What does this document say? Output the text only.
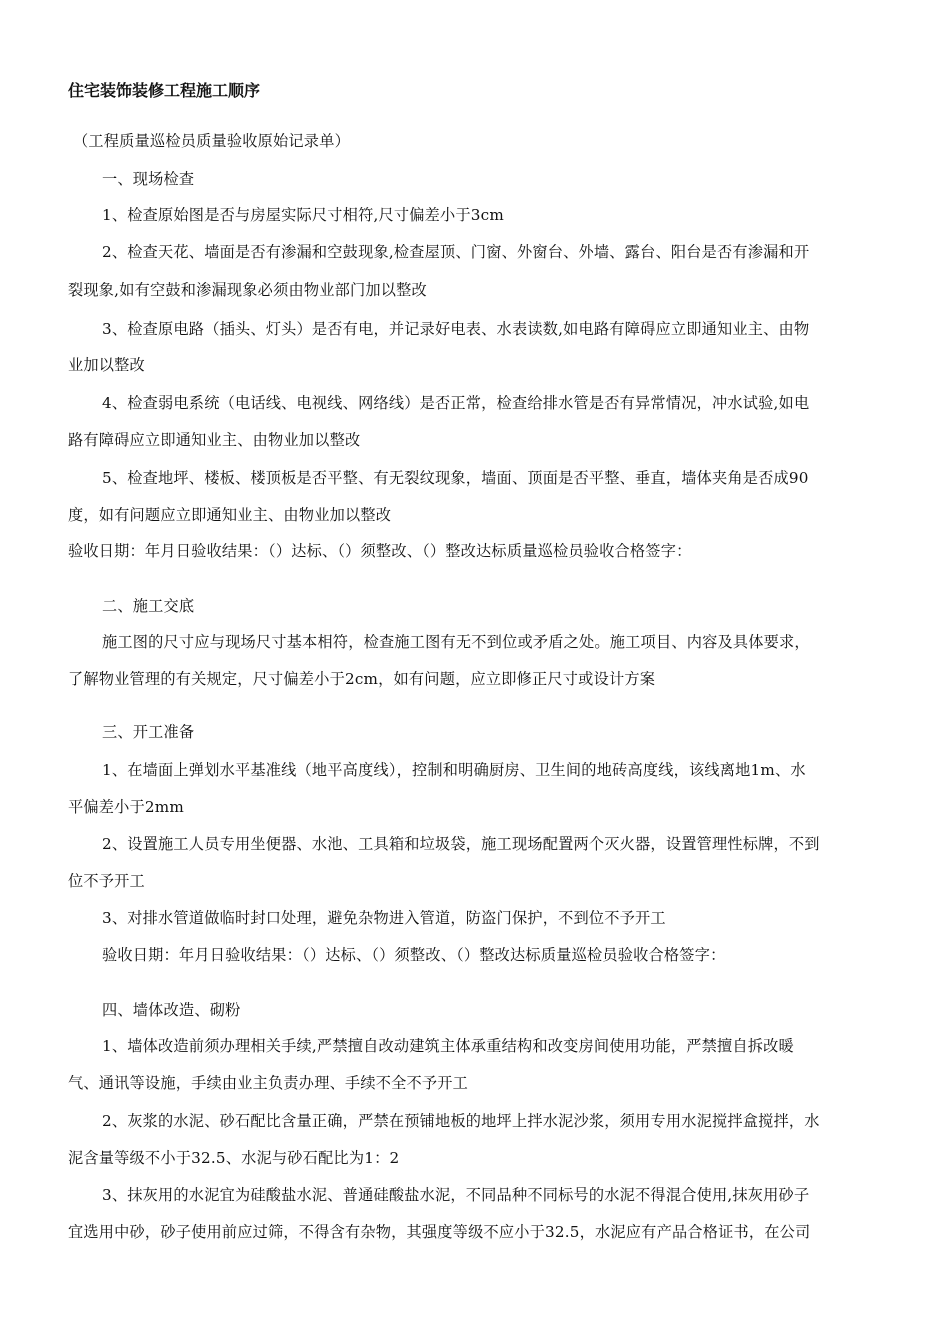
住宅装饰装修工程施工顺序
（工程质量巡检员质量验收原始记录单）
一、现场检查
1、检查原始图是否与房屋实际尺寸相符,尺寸偏差小于3cm
2、检查天花、墙面是否有渗漏和空鼓现象,检查屋顶、门窗、外窗台、外墙、露台、阳台是否有渗漏和开
裂现象,如有空鼓和渗漏现象必须由物业部门加以整改
3、检查原电路（插头、灯头）是否有电，并记录好电表、水表读数,如电路有障碍应立即通知业主、由物
业加以整改
4、检查弱电系统（电话线、电视线、网络线）是否正常，检查给排水管是否有异常情况，冲水试验,如电
路有障碍应立即通知业主、由物业加以整改
5、检查地坪、楼板、楼顶板是否平整、有无裂纹现象，墙面、顶面是否平整、垂直，墙体夹角是否成90
度，如有问题应立即通知业主、由物业加以整改
验收日期：年月日验收结果：（）达标、（）须整改、（）整改达标质量巡检员验收合格签字：
二、施工交底
施工图的尺寸应与现场尺寸基本相符，检查施工图有无不到位或矛盾之处。施工项目、内容及具体要求，
了解物业管理的有关规定，尺寸偏差小于2cm，如有问题，应立即修正尺寸或设计方案
三、开工准备
1、在墙面上弹划水平基准线（地平高度线），控制和明确厨房、卫生间的地砖高度线，该线离地1m、水
平偏差小于2mm
2、设置施工人员专用坐便器、水池、工具箱和垃圾袋，施工现场配置两个灭火器，设置管理性标牌，不到
位不予开工
3、对排水管道做临时封口处理，避免杂物进入管道，防盗门保护，不到位不予开工
验收日期：年月日验收结果：（）达标、（）须整改、（）整改达标质量巡检员验收合格签字：
四、墙体改造、砌粉
1、墙体改造前须办理相关手续,严禁擅自改动建筑主体承重结构和改变房间使用功能，严禁擅自拆改暖
气、通讯等设施，手续由业主负责办理、手续不全不予开工
2、灰浆的水泥、砂石配比含量正确，严禁在预铺地板的地坪上拌水泥沙浆，须用专用水泥搅拌盒搅拌，水
泥含量等级不小于32.5、水泥与砂石配比为1：2
3、抹灰用的水泥宜为硅酸盐水泥、普通硅酸盐水泥，不同品种不同标号的水泥不得混合使用,抹灰用砂子
宜选用中砂，砂子使用前应过筛，不得含有杂物，其强度等级不应小于32.5，水泥应有产品合格证书，在公司
